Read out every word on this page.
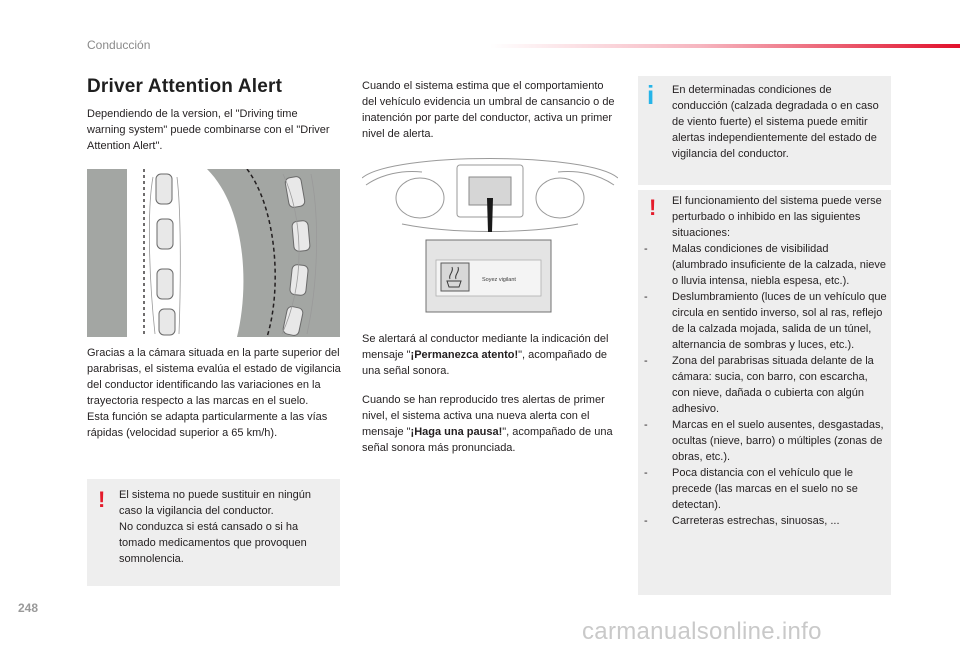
Conducción
Driver Attention Alert

Dependiendo de la version, el "Driving time warning system" puede combinarse con el "Driver Attention Alert".

Gracias a la cámara situada en la parte superior del parabrisas, el sistema evalúa el estado de vigilancia del conductor identificando las variaciones en la trayectoria respecto a las marcas en el suelo.

Esta función se adapta particularmente a las vías rápidas (velocidad superior a 65 km/h).

! El sistema no puede sustituir en ningún caso la vigilancia del conductor.
No conduzca si está cansado o si ha tomado medicamentos que provoquen somnolencia.

Cuando el sistema estima que el comportamiento del vehículo evidencia un umbral de cansancio o de inatención por parte del conductor, activa un primer nivel de alerta.

Soyez vigilant

Se alertará al conductor mediante la indicación del mensaje "¡Permanezca atento!", acompañado de una señal sonora.

Cuando se han reproducido tres alertas de primer nivel, el sistema activa una nueva alerta con el mensaje "¡Haga una pausa!", acompañado de una señal sonora más pronunciada.

i En determinadas condiciones de conducción (calzada degradada o en caso de viento fuerte) el sistema puede emitir alertas independientemente del estado de vigilancia del conductor.
! El funcionamiento del sistema puede verse perturbado o inhibido en las siguientes situaciones:
- Malas condiciones de visibilidad (alumbrado insuficiente de la calzada, nieve o lluvia intensa, niebla espesa, etc.).
- Deslumbramiento (luces de un vehículo que circula en sentido inverso, sol al ras, reflejo de la calzada mojada, salida de un túnel, alternancia de sombras y luces, etc.).
- Zona del parabrisas situada delante de la cámara: sucia, con barro, con escarcha, con nieve, dañada o cubierta con algún adhesivo.
- Marcas en el suelo ausentes, desgastadas, ocultas (nieve, barro) o múltiples (zonas de obras, etc.).
- Poca distancia con el vehículo que le precede (las marcas en el suelo no se detectan).
- Carreteras estrechas, sinuosas, ...
248
carmanualsonline.info
